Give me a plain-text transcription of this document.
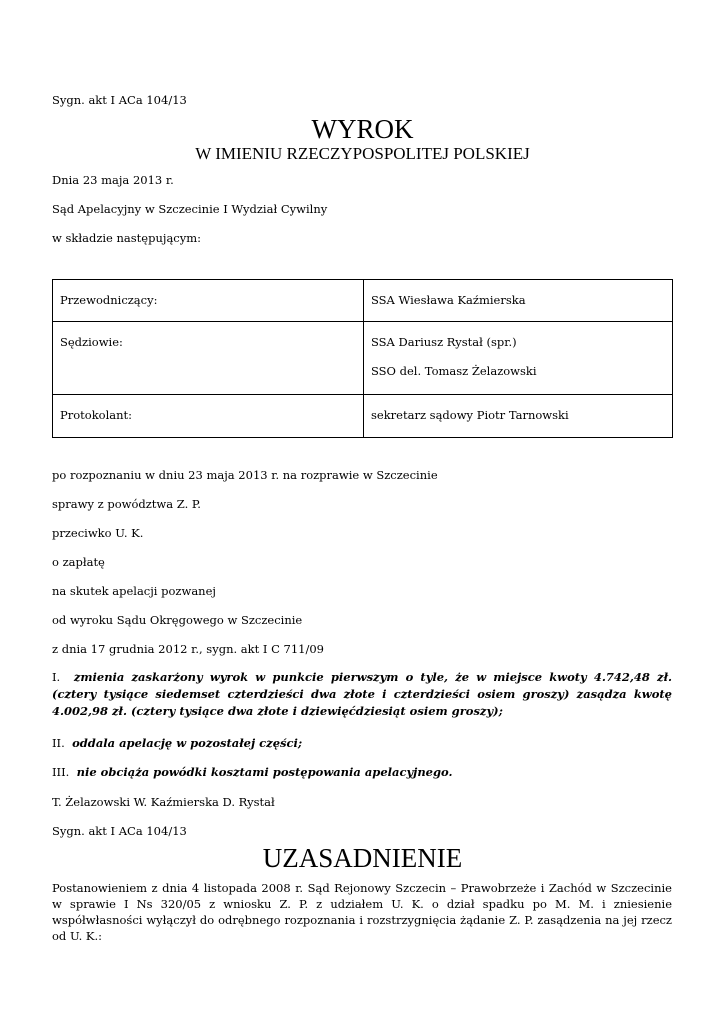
Sygn. akt I ACa 104/13
WYROK
W IMIENIU RZECZYPOSPOLITEJ POLSKIEJ
Dnia 23 maja 2013 r.
Sąd Apelacyjny w Szczecinie I Wydział Cywilny
w składzie następującym:
Przewodniczący:	SSA Wiesława Kaźmierska

Sędziowie:	SSA Dariusz Rystał (spr.)
SSO del. Tomasz Żelazowski

Protokolant:	sekretarz sądowy Piotr Tarnowski
po rozpoznaniu w dniu 23 maja 2013 r. na rozprawie w Szczecinie
sprawy z powództwa Z. P.
przeciwko U. K.
o zapłatę
na skutek apelacji pozwanej
od wyroku Sądu Okręgowego w Szczecinie
z dnia 17 grudnia 2012 r., sygn. akt I C 711/09
I. zmienia zaskarżony wyrok w punkcie pierwszym o tyle, że w miejsce kwoty 4.742,48 zł. (cztery tysiące siedemset czterdzieści dwa złote i czterdzieści osiem groszy) zasądza kwotę 4.002,98 zł. (cztery tysiące dwa złote i dziewięćdziesiąt osiem groszy);
II. oddala apelację w pozostałej części;
III. nie obciąża powódki kosztami postępowania apelacyjnego.
T. Żelazowski W. Kaźmierska D. Rystał
Sygn. akt I ACa 104/13
UZASADNIENIE
Postanowieniem z dnia 4 listopada 2008 r. Sąd Rejonowy Szczecin – Prawobrzeże i Zachód w Szczecinie w sprawie I Ns 320/05 z wniosku Z. P. z udziałem U. K. o dział spadku po M. M. i zniesienie współwłasności wyłączył do odrębnego rozpoznania i rozstrzygnięcia żądanie Z. P. zasądzenia na jej rzecz od U. K.:
